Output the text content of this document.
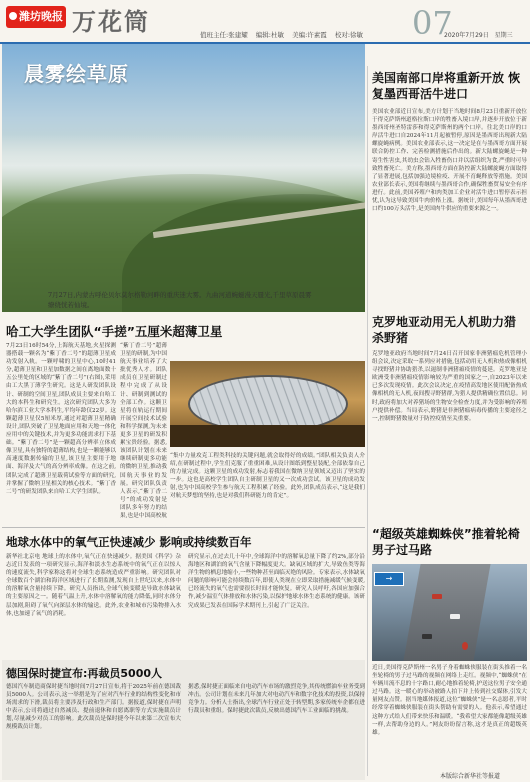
潍坊晚报 万花筒	值班主任:张建耀 编辑:杜敏 美编:许素霞 校对:徐敏 07
2020年7月29日 星期三
晨雾绘草原
7月27日,内蒙古呼伦贝尔莫尔格勒河畔的重庆迷大雾。九曲河道蜿蜒漫天蜃光,千里草原晨雾缭绕恍若仙境。
哈工大学生团队“手搓”五厘米超薄卫星
7月23日16时54分,上海航天基地,火星探测器搭载一颗名为“紫丁香二号”的超薄卫星成功发射入轨。一颗呼啸的卫星中心,10时41分,超薄卫星和卫星加数据之间在离地面数十五公里处的区域的“紫丁香二号”(右图),采用由工大黑丁薄学生研究。这是人研发团队设计、研制的空间卫星,团队成员主要来自哈工大的本科生和研究生。这次研究团队大多为哈尔滨工业大学本科生,平均年龄仅22岁。这颗超薄卫星仅5厘米厚,通过对超薄卫星精确设计,团队突破了卫星地面应用和天地一体化应用中的关键技术,并为更多功能需求打下基础。“紫丁香二号”是一颗超高分辨率立体成像卫星,具有独特的超薄结构,也是一颗能够以高速度数据传输的卫星,该卫星主要用于地面、海洋及大气的高分辨率成像。在这之前,团队完成了超薄卫星载荷试验等方面的研究,并掌握了微纳卫星相关的核心技术。“紫丁香二号”的研发团队来自哈工大学生团队。
“紫丁香二号”超薄卫星的研制,为中国航天事业培养了大批优秀人才。团队成员在卫星研制过程中完成了从设计、研制到测试的全部工作。这颗卫星将在轨运行期间开展空间技术试验和科学探测,为未来更多卫星的研发积累宝贵经验。据悉,该团队计划在未来继续研制更多功能的微纳卫星,推动我国航天事业的发展。研究团队负责人表示,“紫丁香二号”的成功发射是团队多年努力的结果,也是中国高校航
“集中力量攻克工程类科技的关键问题,就会取得好的成绩。”团队相关负责人介绍,在研制过程中,学生们克服了重重困难,从设计图纸到整星装配,全部依靠自己的力量完成。这颗卫星的成功发射,标志着我国在微纳卫星领域又迈出了坚实的一步。这也是高校学生团队自主研制卫星的又一次成功尝试。该卫星的成功发射,也为中国高校学生参与航天工程积累了经验。此外,团队成员表示,“这是我们对航天梦想的坚持,也是对我们科研能力的肯定”。
地球水体中的氧气正快速减少 影响或持续数百年
新华社北京电 地球上的水体中,氧气正在快速减少。据美国《科学》杂志近日发表的一项研究显示,海洋和淡水生态系统中的氧气正在以惊人的速度流失,科学家称这将对全球生态系统造成严重影响。研究团队对全球数百个湖泊和海洋区域进行了长期监测,发现自上世纪以来,水体中的溶解氧含量持续下降。研究人员指出,全球气候变暖是导致水体缺氧的主要原因之一。随着气温上升,水体中溶解氧的能力降低,同时水体分层加剧,阻碍了氧气向深层水体的输送。此外,农业和城市污染物排入水体,也加速了氧气的消耗。
研究显示,在过去几十年中,全球海洋中的溶解氧总量下降了约2%,部分沿海地区和湖泊的氧气含量下降幅度更大。缺氧区域的扩大,导致鱼类等海洋生物的栖息地缩小,一些物种甚至面临灭绝的风险。专家表示,水体缺氧问题的影响可能会持续数百年,即使人类现在立即采取措施减缓气候变暖,已经流失的氧气也需要很长时间才能恢复。研究人员呼吁,各国应加强合作,减少温室气体排放和水体污染,以保护地球水体生态系统的健康。该研究成果已发表在国际学术期刊上,引起了广泛关注。
德国保时捷宣布:再裁员5000人
德国汽车制造商保时捷当地时间7月27日宣布,将于2025年前在德国裁员5000人。公司表示,这一举措是为了应对汽车行业的结构性变化和市场需求的下滑,裁员将主要涉及行政和生产部门。据报道,保时捷在声明中表示,公司将通过自然减员、提前退休和自愿离职等方式实施裁员计划,尽量减少对员工的影响。此次裁员是保时捷今年以来第二次宣布大规模裁员计划。
据悉,保时捷正面临来自电动汽车市场的激烈竞争,其传统燃油车业务受到冲击。公司计划在未来几年加大对电动汽车和数字化技术的投资,以保持竞争力。分析人士指出,全球汽车行业正处于转型期,多家传统车企都在进行裁员和重组。保时捷此次裁员,反映出德国汽车工业面临的挑战。
美国南部口岸将重新开放 恢复墨西哥活牛进口
美国农业部近日宣布,美方计划于当地时间8月23日重新开放位于得克萨斯州道格拉斯口岸的牲畜入境口岸,并逐步开放位于新墨西哥州圣特雷莎和得克萨斯州的两个口岸。往北美口岸的口岸活牛进口自2024年11月起被暂停,原因是墨西哥出现新大陆螺旋蝇病例。美国农业部表示,这一决定是在与墨西哥方面开展联合防控工作、完善检测措施后作出的。新大陆螺旋蝇是一种寄生性害虫,其幼虫会钻入牲畜伤口并以活组织为食,严重时可导致牲畜死亡。美方称,墨西哥方面在防控新大陆螺旋蝇方面取得了显著进展,包括加强边境检疫、开展不育蝇释放等措施。美国农业部长表示,美国将继续与墨西哥合作,确保牲畜贸易安全有序进行。此前,美国养殖户和肉类加工企业对活牛进口暂停表示担忧,认为这导致美国牛肉价格上涨。据统计,美国每年从墨西哥进口约100万头活牛,是美国肉牛供应的重要来源之一。
克罗地亚动用无人机助力猎杀野猪
克罗地亚政府当地时间7月24日召开国家非洲猪瘟危机管理小组会议,决定采取一系列应对措施,包括动用无人机和热成像相机寻找野猪并协助猎杀,以遏制非洲猪瘟疫情的蔓延。克罗地亚是欧洲受非洲猪瘟疫情影响较为严重的国家之一,自2023年以来已多次发现疫情。此次会议决定,在疫情高发地区使用配备热成像相机的无人机,夜间搜寻野猪群,为猎人提供精确位置信息。同时,政府将加大对养猪场的生物安全检查力度,并为受影响的养殖户提供补偿。当局表示,野猪是非洲猪瘟病毒传播的主要途径之一,控制野猪数量对于防控疫情至关重要。
“超级英雄蜘蛛侠”推着轮椅男子过马路
→
近日,美国得克萨斯州一名男子身着蜘蛛侠服装在街头推着一名坐轮椅的男子过马路的视频在网络上走红。视频中,“蜘蛛侠”在车辆川流不息的十字路口,耐心地推着轮椅,护送这位男子安全通过马路。这一暖心的举动被路人拍下并上传到社交媒体,引发大量网友点赞。据当地媒体报道,这位“蜘蛛侠”是一名志愿者,平时经常穿着蜘蛛侠服装在街头帮助有需要的人。他表示,希望通过这种方式给人们带来快乐和温暖。“我希望大家都能像超级英雄一样,去帮助身边的人。”网友纷纷留言称,这才是真正的超级英雄。
本版综合新华社等报道
